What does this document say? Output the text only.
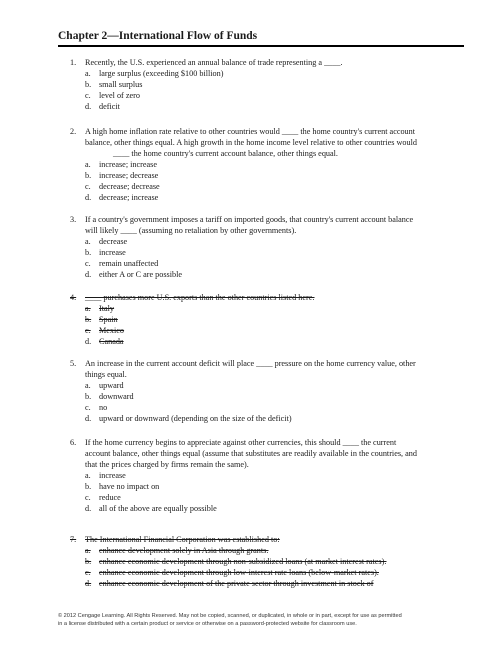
Chapter 2—International Flow of Funds
1. Recently, the U.S. experienced an annual balance of trade representing a ____.
a. large surplus (exceeding $100 billion)
b. small surplus
c. level of zero
d. deficit
2. A high home inflation rate relative to other countries would ____ the home country's current account
balance, other things equal. A high growth in the home income level relative to other countries would
____ the home country's current account balance, other things equal.
a. increase; increase
b. increase; decrease
c. decrease; decrease
d. decrease; increase
3. If a country's government imposes a tariff on imported goods, that country's current account balance
will likely ____ (assuming no retaliation by other governments).
a. decrease
b. increase
c. remain unaffected
d. either A or C are possible
4. ____ purchases more U.S. exports than the other countries listed here.
a. Italy
b. Spain
c. Mexico
d. Canada
5. An increase in the current account deficit will place ____ pressure on the home currency value, other
things equal.
a. upward
b. downward
c. no
d. upward or downward (depending on the size of the deficit)
6. If the home currency begins to appreciate against other currencies, this should ____ the current
account balance, other things equal (assume that substitutes are readily available in the countries, and
that the prices charged by firms remain the same).
a. increase
b. have no impact on
c. reduce
d. all of the above are equally possible
7. The International Financial Corporation was established to:
a. enhance development solely in Asia through grants.
b. enhance economic development through non-subsidized loans (at market interest rates).
c. enhance economic development through low-interest rate loans (below-market rates).
d. enhance economic development of the private sector through investment in stock of
© 2012 Cengage Learning. All Rights Reserved. May not be copied, scanned, or duplicated, in whole or in part, except for use as permitted
in a license distributed with a certain product or service or otherwise on a password-protected website for classroom use.
